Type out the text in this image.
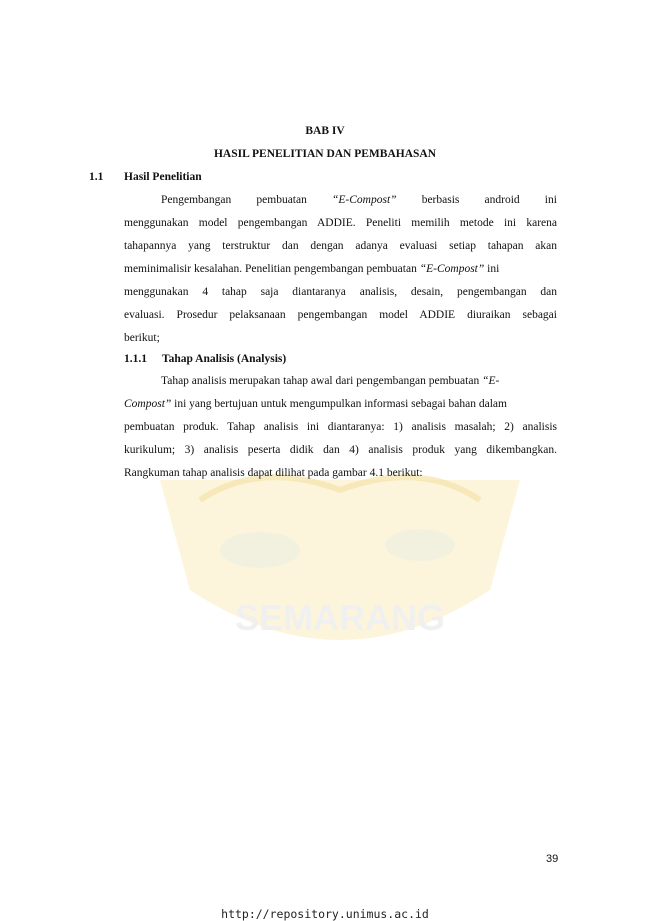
SEMARANG
BAB IV
HASIL PENELITIAN DAN PEMBAHASAN
1.1 Hasil Penelitian
Pengembangan pembuatan “E-Compost” berbasis android ini
menggunakan model pengembangan ADDIE. Peneliti memilih metode ini karena
tahapannya yang terstruktur dan dengan adanya evaluasi setiap tahapan akan
meminimalisir kesalahan. Penelitian pengembangan pembuatan “E-Compost” ini
menggunakan 4 tahap saja diantaranya analisis, desain, pengembangan dan
evaluasi. Prosedur pelaksanaan pengembangan model ADDIE diuraikan sebagai
berikut;
1.1.1 Tahap Analisis (Analysis)
Tahap analisis merupakan tahap awal dari pengembangan pembuatan “E-
Compost” ini yang bertujuan untuk mengumpulkan informasi sebagai bahan dalam
pembuatan produk. Tahap analisis ini diantaranya: 1) analisis masalah; 2) analisis
kurikulum; 3) analisis peserta didik dan 4) analisis produk yang dikembangkan.
Rangkuman tahap analisis dapat dilihat pada gambar 4.1 berikut:
39
http://repository.unimus.ac.id
